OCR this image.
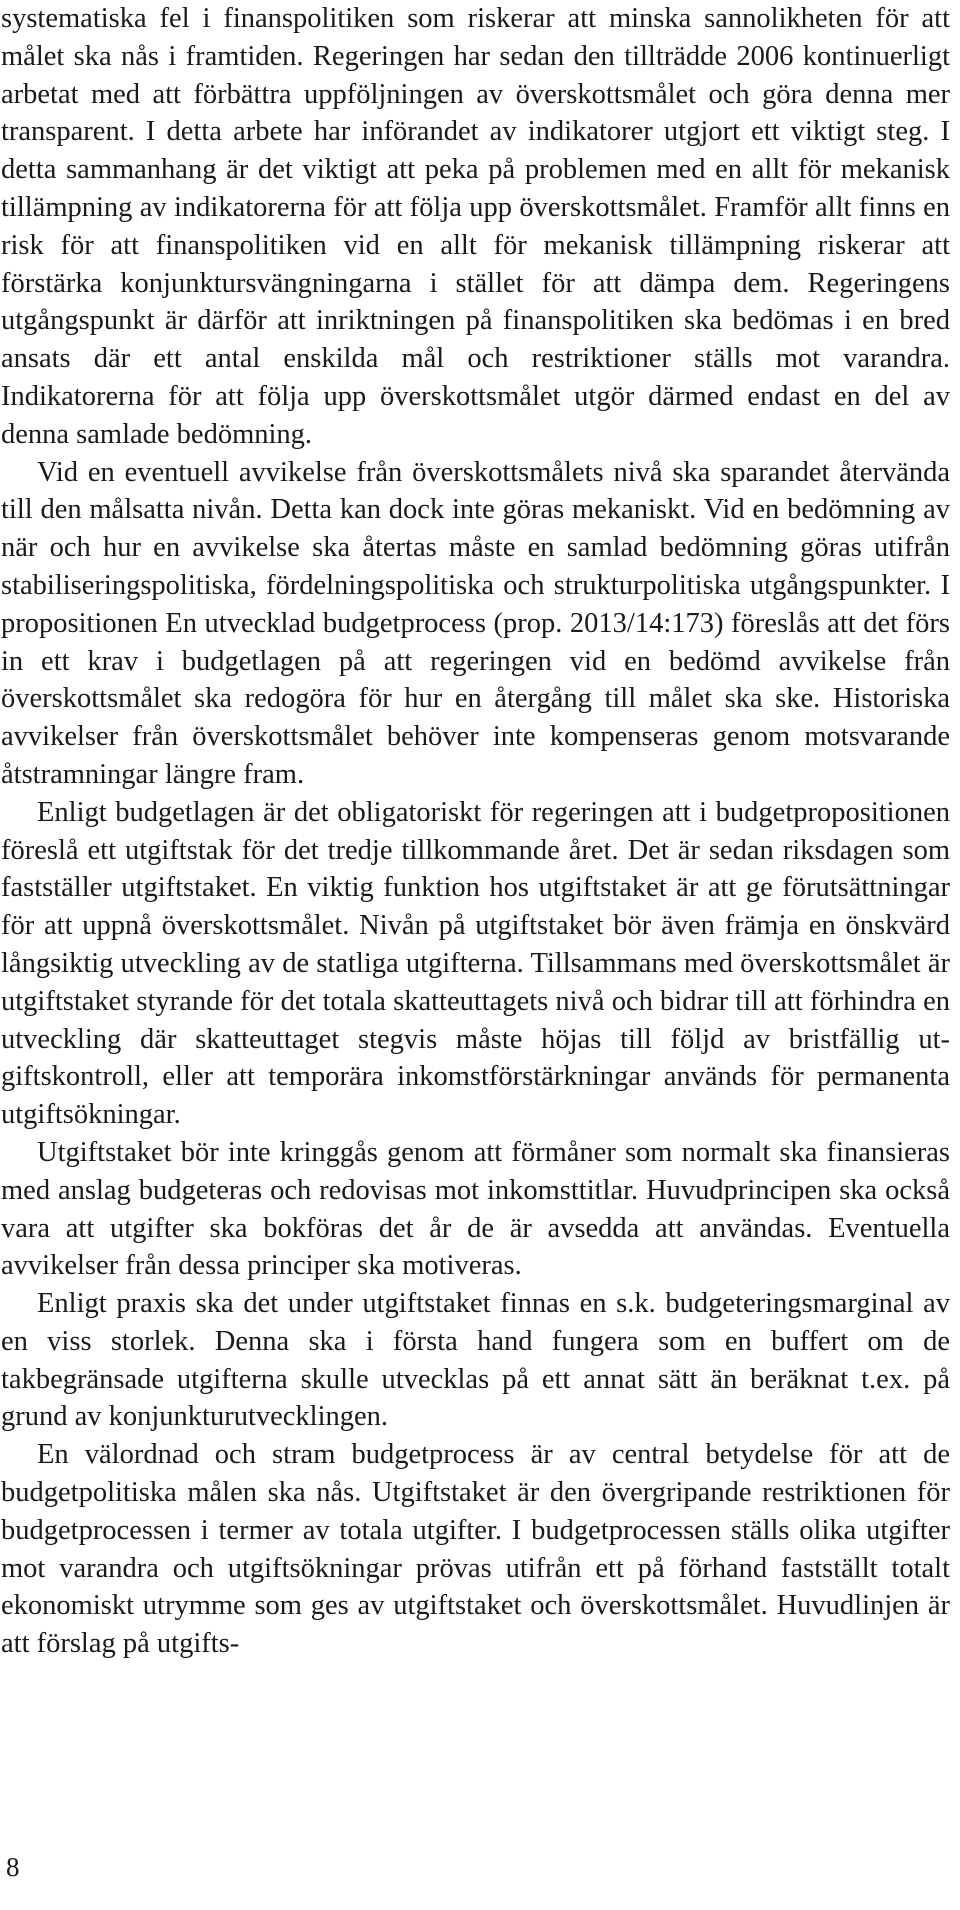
systematiska fel i finanspolitiken som riskerar att minska sannolikheten för att målet ska nås i framtiden. Regeringen har sedan den tillträdde 2006 kontinuerligt arbetat med att förbättra uppföljningen av överskottsmålet och göra denna mer transparent. I detta arbete har införandet av indikatorer utgjort ett viktigt steg. I detta sammanhang är det viktigt att peka på problemen med en allt för mekanisk tillämpning av indikatorerna för att följa upp överskottsmålet. Framför allt finns en risk för att finanspolitiken vid en allt för mekanisk tillämpning riskerar att förstärka konjunktursvängningarna i stället för att dämpa dem. Regeringens utgångspunkt är därför att inriktningen på finanspolitiken ska bedömas i en bred ansats där ett antal enskilda mål och restriktioner ställs mot varandra. Indikatorerna för att följa upp överskottsmålet utgör därmed endast en del av denna samlade bedömning.

Vid en eventuell avvikelse från överskottsmålets nivå ska sparandet återvända till den målsatta nivån. Detta kan dock inte göras mekaniskt. Vid en bedömning av när och hur en avvikelse ska återtas måste en samlad bedömning göras utifrån stabiliseringspolitiska, fördelningspolitiska och strukturpolitiska utgångspunkter. I propositionen En utvecklad budgetprocess (prop. 2013/14:173) föreslås att det förs in ett krav i budgetlagen på att regeringen vid en bedömd avvikelse från överskottsmålet ska redogöra för hur en återgång till målet ska ske. Historiska avvikelser från överskottsmålet behöver inte kompenseras genom motsvarande åtstramningar längre fram.

Enligt budgetlagen är det obligatoriskt för regeringen att i budgetpropositionen föreslå ett utgiftstak för det tredje tillkommande året. Det är sedan riksdagen som fastställer utgiftstaket. En viktig funktion hos utgiftstaket är att ge förutsättningar för att uppnå överskottsmålet. Nivån på utgiftstaket bör även främja en önskvärd långsiktig utveckling av de statliga utgifterna. Tillsammans med överskottsmålet är utgiftstaket styrande för det totala skatteuttagets nivå och bidrar till att förhindra en utveckling där skatteuttaget stegvis måste höjas till följd av bristfällig utgiftskontroll, eller att temporära inkomstförstärkningar används för permanenta utgiftsökningar.

Utgiftstaket bör inte kringgås genom att förmåner som normalt ska finansieras med anslag budgeteras och redovisas mot inkomsttitlar. Huvudprincipen ska också vara att utgifter ska bokföras det år de är avsedda att användas. Eventuella avvikelser från dessa principer ska motiveras.

Enligt praxis ska det under utgiftstaket finnas en s.k. budgeteringsmarginal av en viss storlek. Denna ska i första hand fungera som en buffert om de takbegränsade utgifterna skulle utvecklas på ett annat sätt än beräknat t.ex. på grund av konjunkturutvecklingen.

En välordnad och stram budgetprocess är av central betydelse för att de budgetpolitiska målen ska nås. Utgiftstaket är den övergripande restriktionen för budgetprocessen i termer av totala utgifter. I budgetprocessen ställs olika utgifter mot varandra och utgiftsökningar prövas utifrån ett på förhand fastställt totalt ekonomiskt utrymme som ges av utgiftstaket och överskottsmålet. Huvudlinjen är att förslag på utgifts-

8
